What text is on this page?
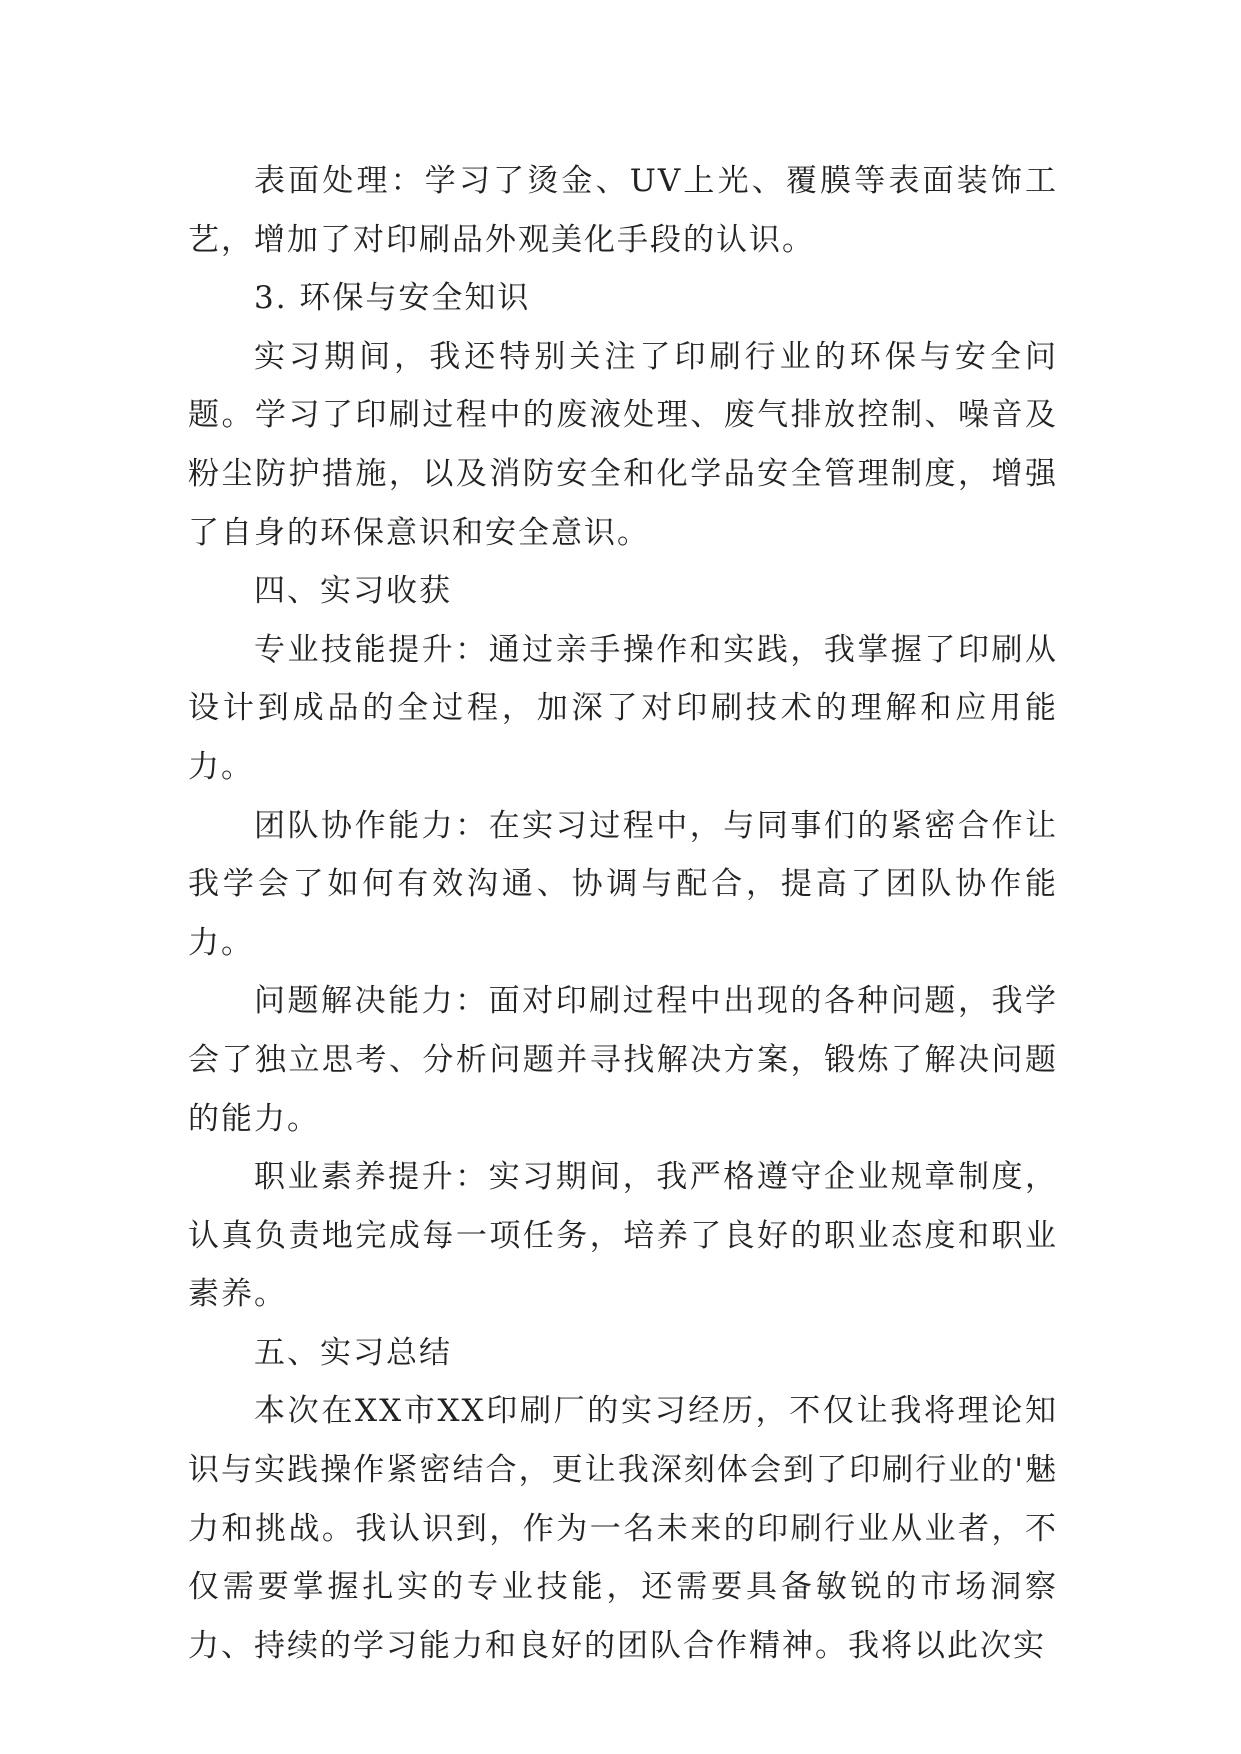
表面处理：学习了烫金、UV上光、覆膜等表面装饰工艺，增加了对印刷品外观美化手段的认识。

3. 环保与安全知识

实习期间，我还特别关注了印刷行业的环保与安全问题。学习了印刷过程中的废液处理、废气排放控制、噪音及粉尘防护措施，以及消防安全和化学品安全管理制度，增强了自身的环保意识和安全意识。

四、实习收获

专业技能提升：通过亲手操作和实践，我掌握了印刷从设计到成品的全过程，加深了对印刷技术的理解和应用能力。

团队协作能力：在实习过程中，与同事们的紧密合作让我学会了如何有效沟通、协调与配合，提高了团队协作能力。

问题解决能力：面对印刷过程中出现的各种问题，我学会了独立思考、分析问题并寻找解决方案，锻炼了解决问题的能力。

职业素养提升：实习期间，我严格遵守企业规章制度，认真负责地完成每一项任务，培养了良好的职业态度和职业素养。

五、实习总结

本次在XX市XX印刷厂的实习经历，不仅让我将理论知识与实践操作紧密结合，更让我深刻体会到了印刷行业的'魅力和挑战。我认识到，作为一名未来的印刷行业从业者，不仅需要掌握扎实的专业技能，还需要具备敏锐的市场洞察力、持续的学习能力和良好的团队合作精神。我将以此次实
